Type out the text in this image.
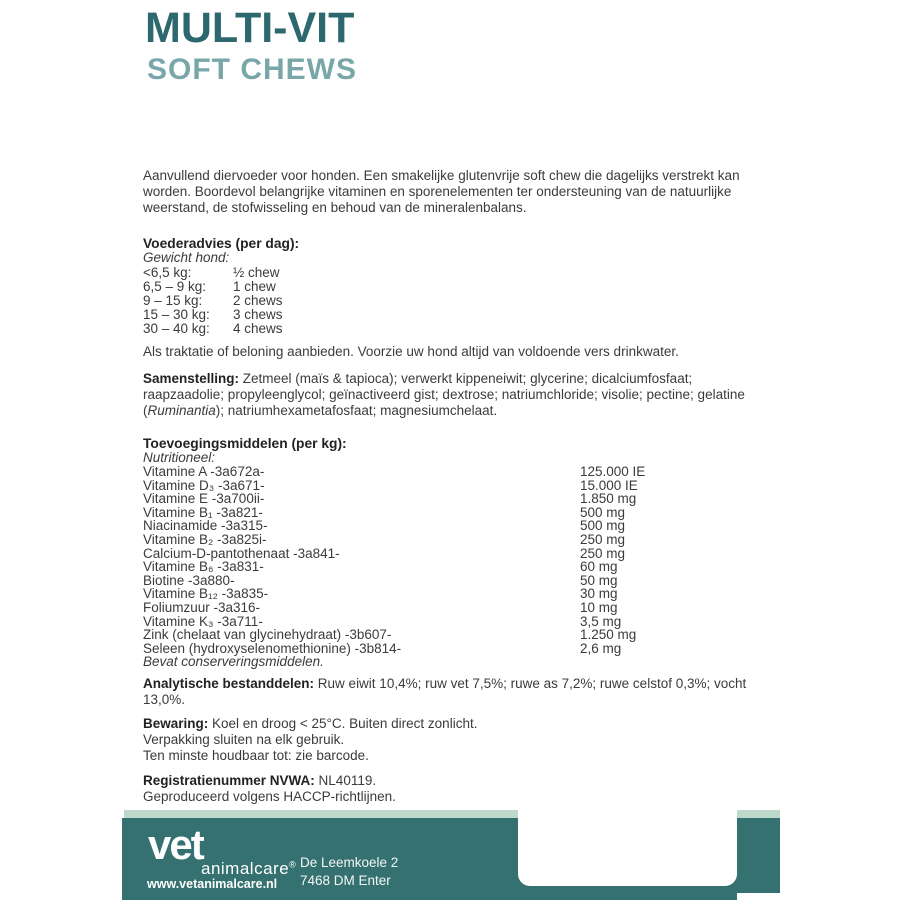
MULTI-VIT
SOFT CHEWS
Aanvullend diervoeder voor honden. Een smakelijke glutenvrije soft chew die dagelijks verstrekt kan worden. Boordevol belangrijke vitaminen en sporenelementen ter ondersteuning van de natuurlijke weerstand, de stofwisseling en behoud van de mineralenbalans.
Voederadvies (per dag):
Gewicht hond:
<6,5 kg:	½ chew
6,5 – 9 kg:	1 chew
9 – 15 kg:	2 chews
15 – 30 kg:	3 chews
30 – 40 kg:	4 chews
Als traktatie of beloning aanbieden. Voorzie uw hond altijd van voldoende vers drinkwater.
Samenstelling: Zetmeel (maïs & tapioca); verwerkt kippeneiwit; glycerine; dicalciumfosfaat; raapzaadolie; propyleenglycol; geïnactiveerd gist; dextrose; natriumchloride; visolie; pectine; gelatine (Ruminantia); natriumhexametafosfaat; magnesiumchelaat.
Toevoegingsmiddelen (per kg):
Nutritioneel:
Vitamine A -3a672a-	125.000 IE
Vitamine D₃ -3a671-	15.000 IE
Vitamine E -3a700ii-	1.850 mg
Vitamine B₁ -3a821-	500 mg
Niacinamide -3a315-	500 mg
Vitamine B₂ -3a825i-	250 mg
Calcium-D-pantothenaat -3a841-	250 mg
Vitamine B₆ -3a831-	60 mg
Biotine -3a880-	50 mg
Vitamine B₁₂ -3a835-	30 mg
Foliumzuur -3a316-	10 mg
Vitamine K₃ -3a711-	3,5 mg
Zink (chelaat van glycinehydraat) -3b607-	1.250 mg
Seleen (hydroxyselenomethionine) -3b814-	2,6 mg
Bevat conserveringsmiddelen.
Analytische bestanddelen: Ruw eiwit 10,4%; ruw vet 7,5%; ruwe as 7,2%; ruwe celstof 0,3%; vocht 13,0%.
Bewaring: Koel en droog < 25°C. Buiten direct zonlicht.
Verpakking sluiten na elk gebruik.
Ten minste houdbaar tot: zie barcode.
Registratienummer NVWA: NL40119.
Geproduceerd volgens HACCP-richtlijnen.
vet
animalcare®
www.vetanimalcare.nl
De Leemkoele 2
7468 DM Enter
